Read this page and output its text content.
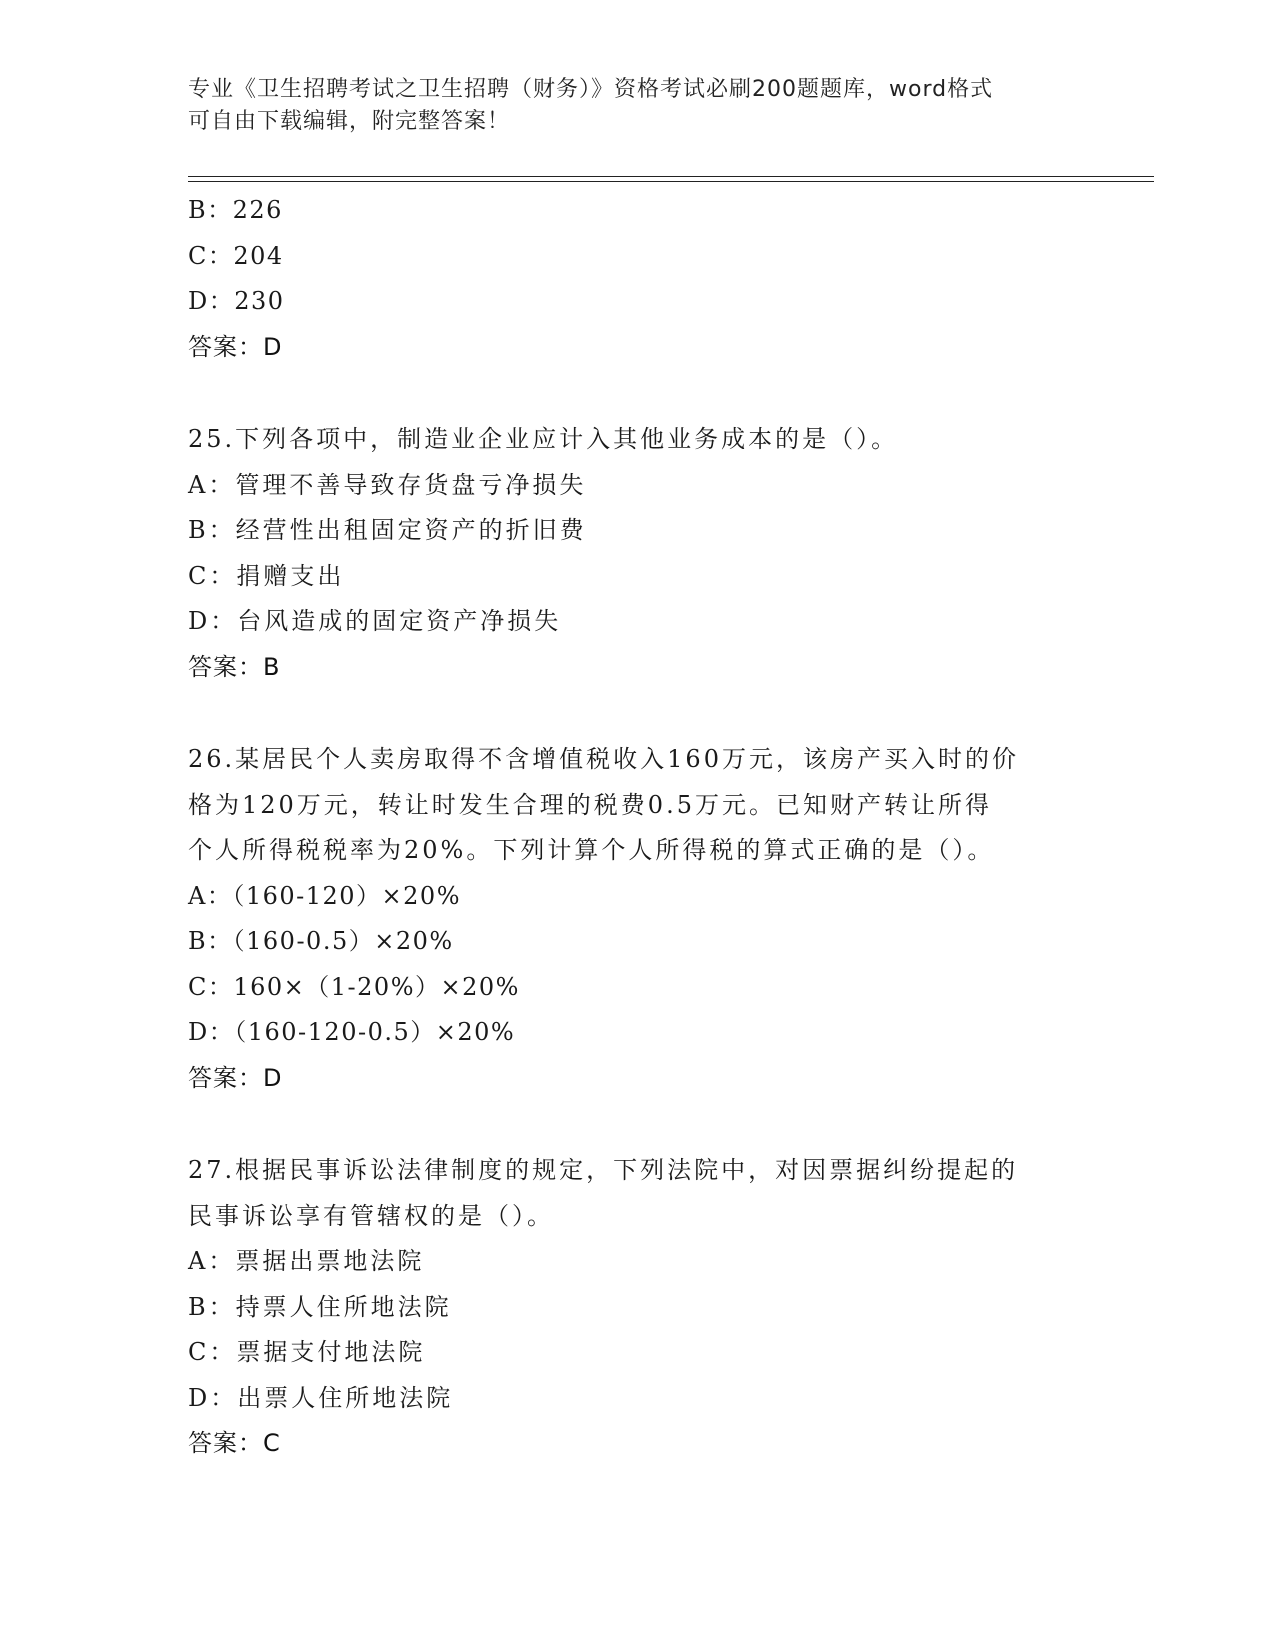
专业《卫生招聘考试之卫生招聘（财务）》资格考试必刷200题题库，word格式
可自由下载编辑，附完整答案！
B：226
C：204
D：230
答案：D
25.下列各项中，制造业企业应计入其他业务成本的是（）。
A：管理不善导致存货盘亏净损失
B：经营性出租固定资产的折旧费
C：捐赠支出
D：台风造成的固定资产净损失
答案：B
26.某居民个人卖房取得不含增值税收入160万元，该房产买入时的价
格为120万元，转让时发生合理的税费0.5万元。已知财产转让所得
个人所得税税率为20%。下列计算个人所得税的算式正确的是（）。
A：（160-120）×20%
B：（160-0.5）×20%
C：160×（1-20%）×20%
D：（160-120-0.5）×20%
答案：D
27.根据民事诉讼法律制度的规定，下列法院中，对因票据纠纷提起的
民事诉讼享有管辖权的是（）。
A：票据出票地法院
B：持票人住所地法院
C：票据支付地法院
D：出票人住所地法院
答案：C
